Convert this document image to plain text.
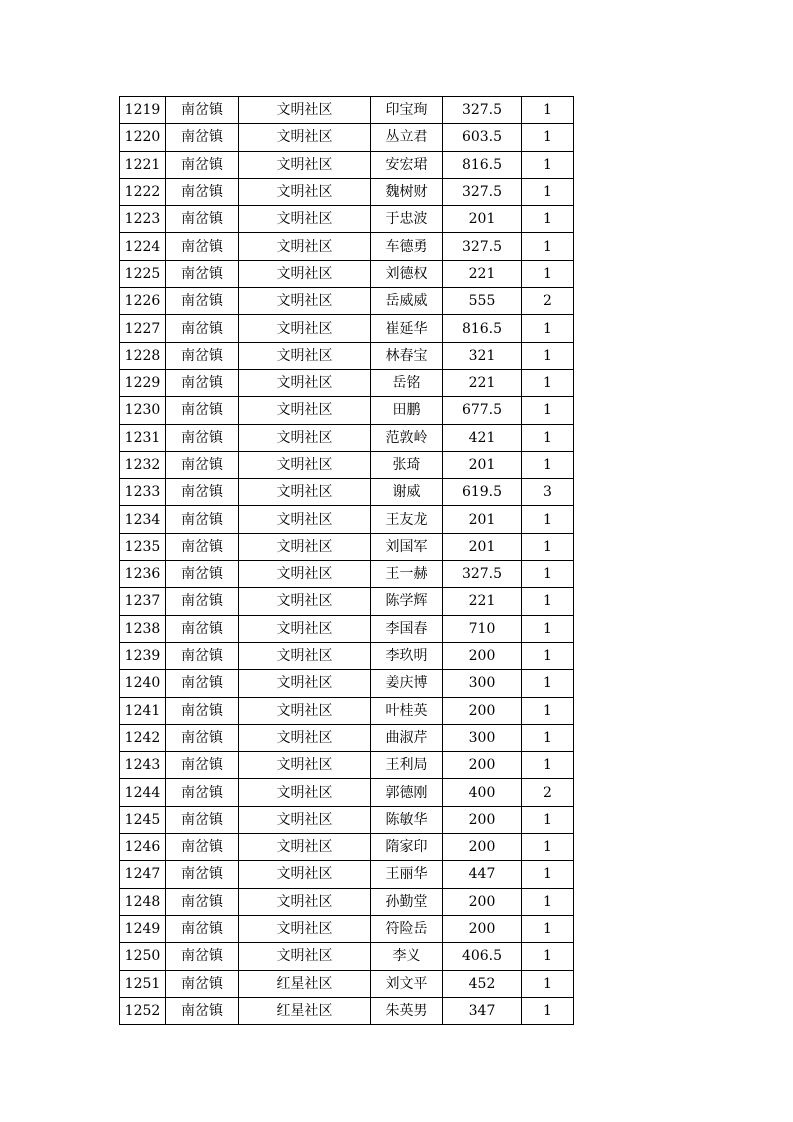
1219	南岔镇	文明社区	印宝珣	327.5	1
1220	南岔镇	文明社区	丛立君	603.5	1
1221	南岔镇	文明社区	安宏珺	816.5	1
1222	南岔镇	文明社区	魏树财	327.5	1
1223	南岔镇	文明社区	于忠波	201	1
1224	南岔镇	文明社区	车德勇	327.5	1
1225	南岔镇	文明社区	刘德权	221	1
1226	南岔镇	文明社区	岳威威	555	2
1227	南岔镇	文明社区	崔延华	816.5	1
1228	南岔镇	文明社区	林春宝	321	1
1229	南岔镇	文明社区	岳铭	221	1
1230	南岔镇	文明社区	田鹏	677.5	1
1231	南岔镇	文明社区	范敦岭	421	1
1232	南岔镇	文明社区	张琦	201	1
1233	南岔镇	文明社区	谢威	619.5	3
1234	南岔镇	文明社区	王友龙	201	1
1235	南岔镇	文明社区	刘国军	201	1
1236	南岔镇	文明社区	王一赫	327.5	1
1237	南岔镇	文明社区	陈学辉	221	1
1238	南岔镇	文明社区	李国春	710	1
1239	南岔镇	文明社区	李玖明	200	1
1240	南岔镇	文明社区	姜庆博	300	1
1241	南岔镇	文明社区	叶桂英	200	1
1242	南岔镇	文明社区	曲淑芹	300	1
1243	南岔镇	文明社区	王利局	200	1
1244	南岔镇	文明社区	郭德刚	400	2
1245	南岔镇	文明社区	陈敏华	200	1
1246	南岔镇	文明社区	隋家印	200	1
1247	南岔镇	文明社区	王丽华	447	1
1248	南岔镇	文明社区	孙勤堂	200	1
1249	南岔镇	文明社区	符险岳	200	1
1250	南岔镇	文明社区	李义	406.5	1
1251	南岔镇	红星社区	刘文平	452	1
1252	南岔镇	红星社区	朱英男	347	1
